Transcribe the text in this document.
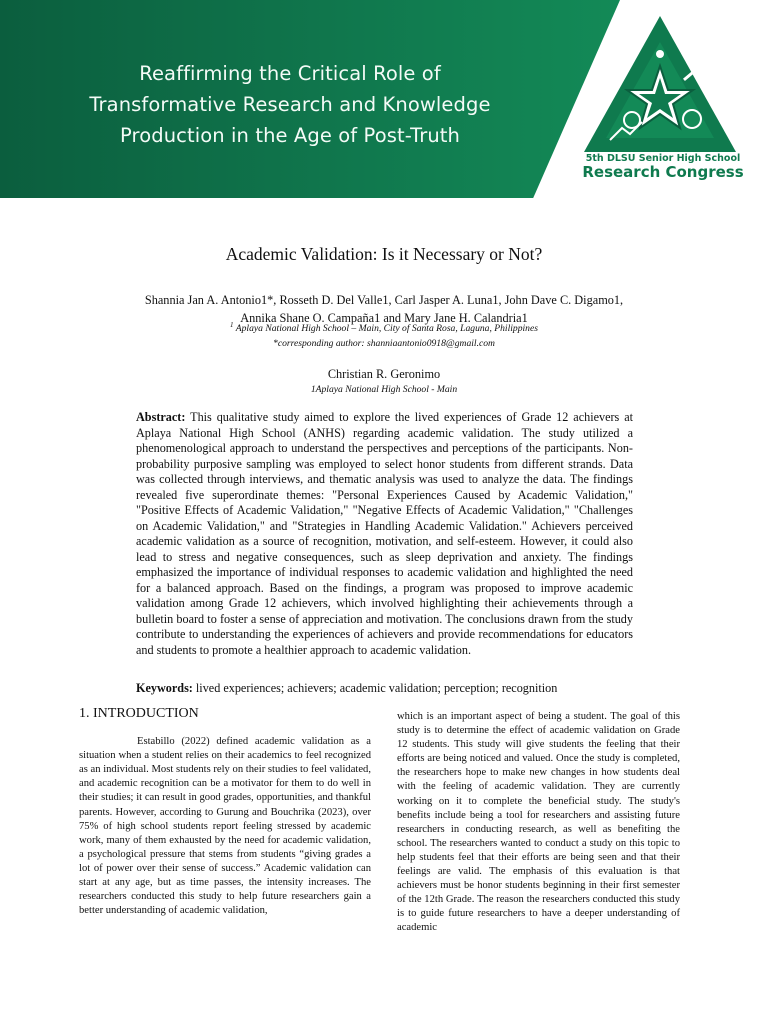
Reaffirming the Critical Role of Transformative Research and Knowledge Production in the Age of Post-Truth
5th DLSU Senior High School
Research Congress
Academic Validation: Is it Necessary or Not?
Shannia Jan A. Antonio1*, Rosseth D. Del Valle1, Carl Jasper A. Luna1, John Dave C. Digamo1,
Annika Shane O. Campaña1 and Mary Jane H. Calandria1
$^1$ Aplaya National High School – Main, City of Santa Rosa, Laguna, Philippines
*corresponding author: shanniaantonio0918@gmail.com
Christian R. Geronimo
1Aplaya National High School - Main
Abstract: This qualitative study aimed to explore the lived experiences of Grade 12 achievers at Aplaya National High School (ANHS) regarding academic validation. The study utilized a phenomenological approach to understand the perspectives and perceptions of the participants. Non-probability purposive sampling was employed to select honor students from different strands. Data was collected through interviews, and thematic analysis was used to analyze the data. The findings revealed five superordinate themes: "Personal Experiences Caused by Academic Validation," "Positive Effects of Academic Validation," "Negative Effects of Academic Validation," "Challenges on Academic Validation," and "Strategies in Handling Academic Validation." Achievers perceived academic validation as a source of recognition, motivation, and self-esteem. However, it could also lead to stress and negative consequences, such as sleep deprivation and anxiety. The findings emphasized the importance of individual responses to academic validation and highlighted the need for a balanced approach. Based on the findings, a program was proposed to improve academic validation among Grade 12 achievers, which involved highlighting their achievements through a bulletin board to foster a sense of appreciation and motivation. The conclusions drawn from the study contribute to understanding the experiences of achievers and provide recommendations for educators and students to promote a healthier approach to academic validation.
Keywords: lived experiences; achievers; academic validation; perception; recognition
1. INTRODUCTION

Estabillo (2022) defined academic validation as a situation when a student relies on their academics to feel recognized as an individual. Most students rely on their studies to feel validated, and academic recognition can be a motivator for them to do well in their studies; it can result in good grades, opportunities, and thankful parents. However, according to Gurung and Bouchrika (2023), over 75% of high school students report feeling stressed by academic work, many of them exhausted by the need for academic validation, a psychological pressure that stems from students “giving grades a lot of power over their sense of success.” Academic validation can start at any age, but as time passes, the intensity increases. The researchers conducted this study to help future researchers gain a better understanding of academic validation,

which is an important aspect of being a student. The goal of this study is to determine the effect of academic validation on Grade 12 students. This study will give students the feeling that their efforts are being noticed and valued. Once the study is completed, the researchers hope to make new changes in how students deal with the feeling of academic validation. They are currently working on it to complete the beneficial study. The study's benefits include being a tool for researchers and assisting future researchers in conducting research, as well as benefiting the school. The researchers wanted to conduct a study on this topic to help students feel that their efforts are being seen and that their feelings are valid. The emphasis of this evaluation is that achievers must be honor students beginning in their first semester of the 12th Grade. The reason the researchers conducted this study is to guide future researchers to have a deeper understanding of academic
